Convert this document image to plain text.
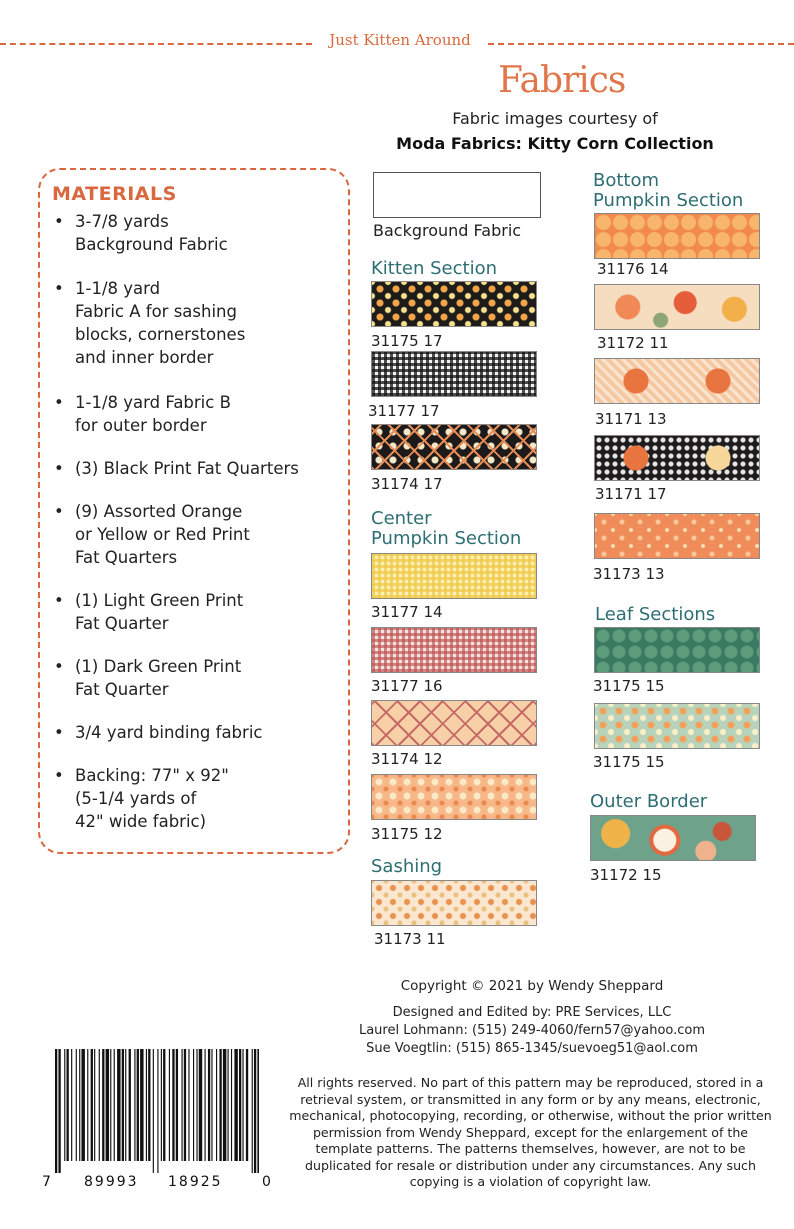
Just Kitten Around
Fabrics
Fabric images courtesy of
Moda Fabrics: Kitty Corn Collection
MATERIALS
• 3-7/8 yards
Background Fabric
• 1-1/8 yard
Fabric A for sashing
blocks, cornerstones
and inner border
• 1-1/8 yard Fabric B
for outer border
• (3) Black Print Fat Quarters
• (9) Assorted Orange
or Yellow or Red Print
Fat Quarters
• (1) Light Green Print
Fat Quarter
• (1) Dark Green Print
Fat Quarter
• 3/4 yard binding fabric
• Backing: 77" x 92"
(5-1/4 yards of
42" wide fabric)
Background Fabric
Kitten Section
31175 17
31177 17
31174 17
Center
Pumpkin Section
31177 14
31177 16
31174 12
31175 12
Sashing
31173 11
Bottom
Pumpkin Section
31176 14
31172 11
31171 13
31171 17
31173 13
Leaf Sections
31175 15
31175 15
Outer Border
31172 15
Copyright © 2021 by Wendy Sheppard
Designed and Edited by: PRE Services, LLC
Laurel Lohmann: (515) 249-4060/fern57@yahoo.com
Sue Voegtlin: (515) 865-1345/suevoeg51@aol.com
All rights reserved. No part of this pattern may be reproduced, stored in a retrieval system, or transmitted in any form or by any means, electronic, mechanical, photocopying, recording, or otherwise, without the prior written permission from Wendy Sheppard, except for the enlargement of the template patterns. The patterns themselves, however, are not to be duplicated for resale or distribution under any circumstances. Any such copying is a violation of copyright law.
7 89993 18925	0
